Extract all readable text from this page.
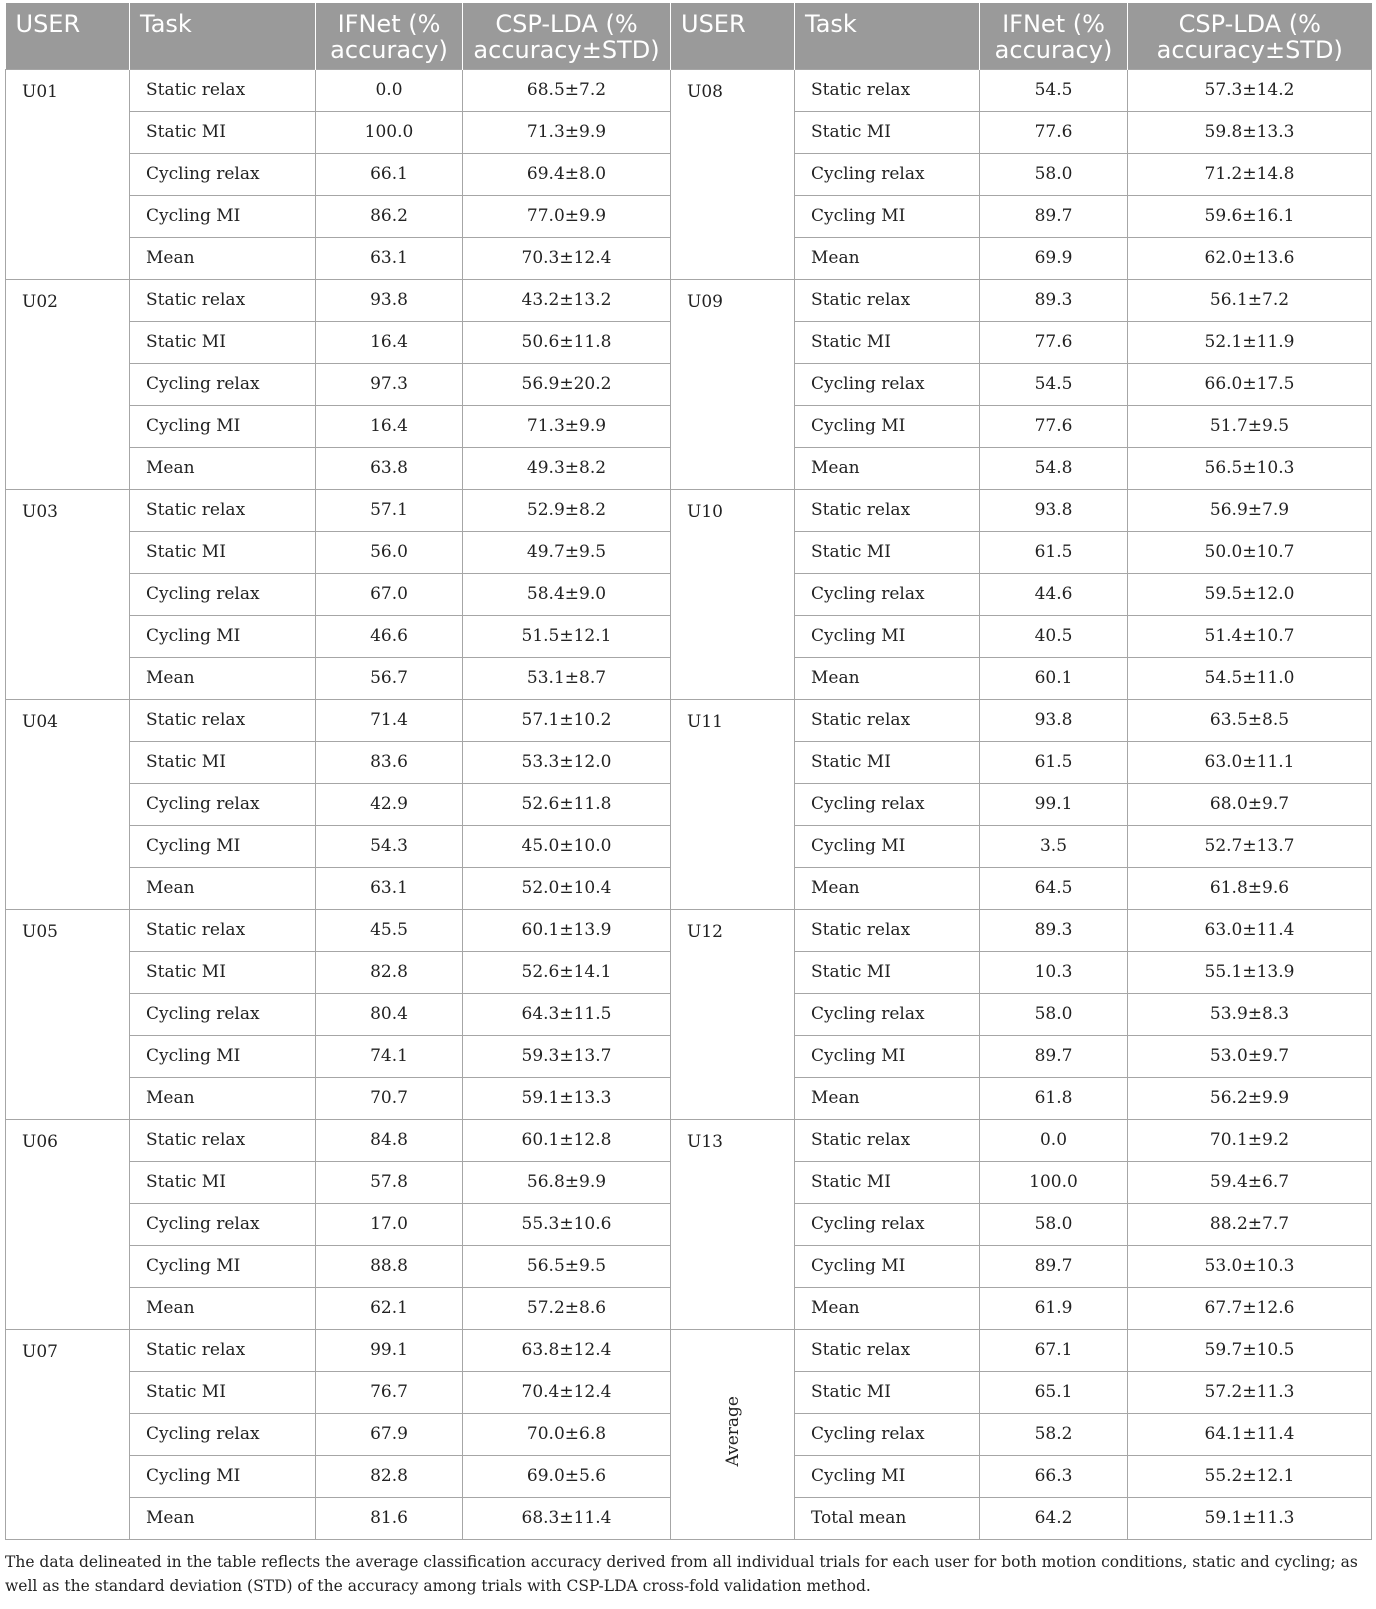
USER	Task	IFNet (% accuracy)	CSP-LDA (% accuracy±STD)	USER	Task	IFNet (% accuracy)	CSP-LDA (% accuracy±STD)
U01	Static relax	0.0	68.5±7.2	U08	Static relax	54.5	57.3±14.2
	Static MI	100.0	71.3±9.9		Static MI	77.6	59.8±13.3
	Cycling relax	66.1	69.4±8.0		Cycling relax	58.0	71.2±14.8
	Cycling MI	86.2	77.0±9.9		Cycling MI	89.7	59.6±16.1
	Mean	63.1	70.3±12.4		Mean	69.9	62.0±13.6
U02	Static relax	93.8	43.2±13.2	U09	Static relax	89.3	56.1±7.2
	Static MI	16.4	50.6±11.8		Static MI	77.6	52.1±11.9
	Cycling relax	97.3	56.9±20.2		Cycling relax	54.5	66.0±17.5
	Cycling MI	16.4	71.3±9.9		Cycling MI	77.6	51.7±9.5
	Mean	63.8	49.3±8.2		Mean	54.8	56.5±10.3
U03	Static relax	57.1	52.9±8.2	U10	Static relax	93.8	56.9±7.9
	Static MI	56.0	49.7±9.5		Static MI	61.5	50.0±10.7
	Cycling relax	67.0	58.4±9.0		Cycling relax	44.6	59.5±12.0
	Cycling MI	46.6	51.5±12.1		Cycling MI	40.5	51.4±10.7
	Mean	56.7	53.1±8.7		Mean	60.1	54.5±11.0
U04	Static relax	71.4	57.1±10.2	U11	Static relax	93.8	63.5±8.5
	Static MI	83.6	53.3±12.0		Static MI	61.5	63.0±11.1
	Cycling relax	42.9	52.6±11.8		Cycling relax	99.1	68.0±9.7
	Cycling MI	54.3	45.0±10.0		Cycling MI	3.5	52.7±13.7
	Mean	63.1	52.0±10.4		Mean	64.5	61.8±9.6
U05	Static relax	45.5	60.1±13.9	U12	Static relax	89.3	63.0±11.4
	Static MI	82.8	52.6±14.1		Static MI	10.3	55.1±13.9
	Cycling relax	80.4	64.3±11.5		Cycling relax	58.0	53.9±8.3
	Cycling MI	74.1	59.3±13.7		Cycling MI	89.7	53.0±9.7
	Mean	70.7	59.1±13.3		Mean	61.8	56.2±9.9
U06	Static relax	84.8	60.1±12.8	U13	Static relax	0.0	70.1±9.2
	Static MI	57.8	56.8±9.9		Static MI	100.0	59.4±6.7
	Cycling relax	17.0	55.3±10.6		Cycling relax	58.0	88.2±7.7
	Cycling MI	88.8	56.5±9.5		Cycling MI	89.7	53.0±10.3
	Mean	62.1	57.2±8.6		Mean	61.9	67.7±12.6
U07	Static relax	99.1	63.8±12.4	Average	Static relax	67.1	59.7±10.5
	Static MI	76.7	70.4±12.4		Static MI	65.1	57.2±11.3
	Cycling relax	67.9	70.0±6.8		Cycling relax	58.2	64.1±11.4
	Cycling MI	82.8	69.0±5.6		Cycling MI	66.3	55.2±12.1
	Mean	81.6	68.3±11.4		Total mean	64.2	59.1±11.3
The data delineated in the table reflects the average classification accuracy derived from all individual trials for each user for both motion conditions, static and cycling; as well as the standard deviation (STD) of the accuracy among trials with CSP-LDA cross-fold validation method.
